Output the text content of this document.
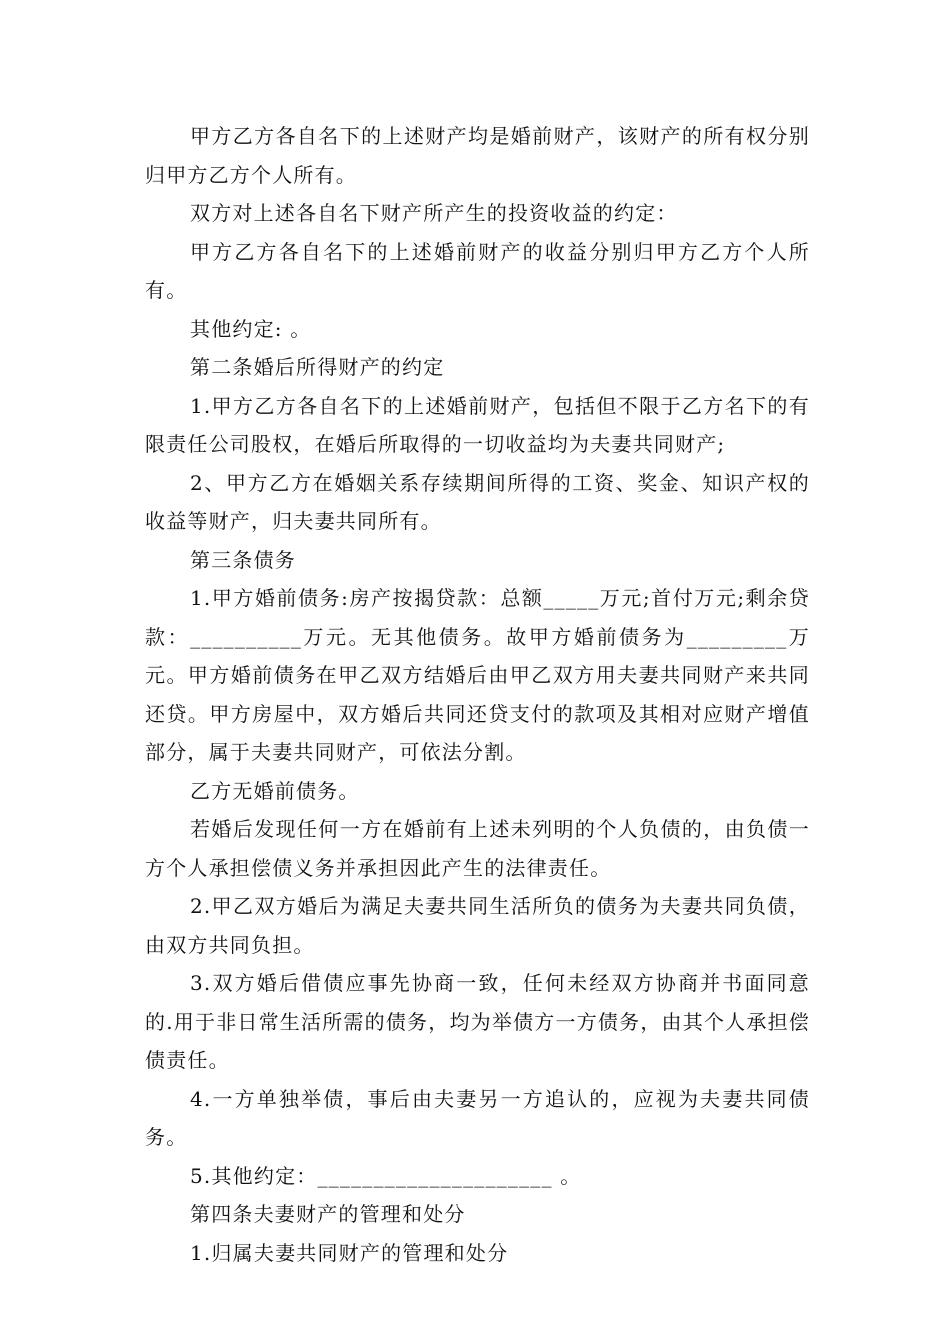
甲方乙方各自名下的上述财产均是婚前财产，该财产的所有权分别归甲方乙方个人所有。

双方对上述各自名下财产所产生的投资收益的约定：

甲方乙方各自名下的上述婚前财产的收益分别归甲方乙方个人所有。

其他约定: 。

第二条婚后所得财产的约定

1.甲方乙方各自名下的上述婚前财产，包括但不限于乙方名下的有限责任公司股权，在婚后所取得的一切收益均为夫妻共同财产;

2、甲方乙方在婚姻关系存续期间所得的工资、奖金、知识产权的收益等财产，归夫妻共同所有。

第三条债务

1.甲方婚前债务:房产按揭贷款：总额_____万元;首付万元;剩余贷款：__________万元。无其他债务。故甲方婚前债务为_________万元。甲方婚前债务在甲乙双方结婚后由甲乙双方用夫妻共同财产来共同还贷。甲方房屋中，双方婚后共同还贷支付的款项及其相对应财产增值部分，属于夫妻共同财产，可依法分割。

乙方无婚前债务。

若婚后发现任何一方在婚前有上述未列明的个人负债的，由负债一方个人承担偿债义务并承担因此产生的法律责任。

2.甲乙双方婚后为满足夫妻共同生活所负的债务为夫妻共同负债，由双方共同负担。

3.双方婚后借债应事先协商一致，任何未经双方协商并书面同意的.用于非日常生活所需的债务，均为举债方一方债务，由其个人承担偿债责任。

4.一方单独举债，事后由夫妻另一方追认的，应视为夫妻共同债务。

5.其他约定：_____________________ 。

第四条夫妻财产的管理和处分

1.归属夫妻共同财产的管理和处分
